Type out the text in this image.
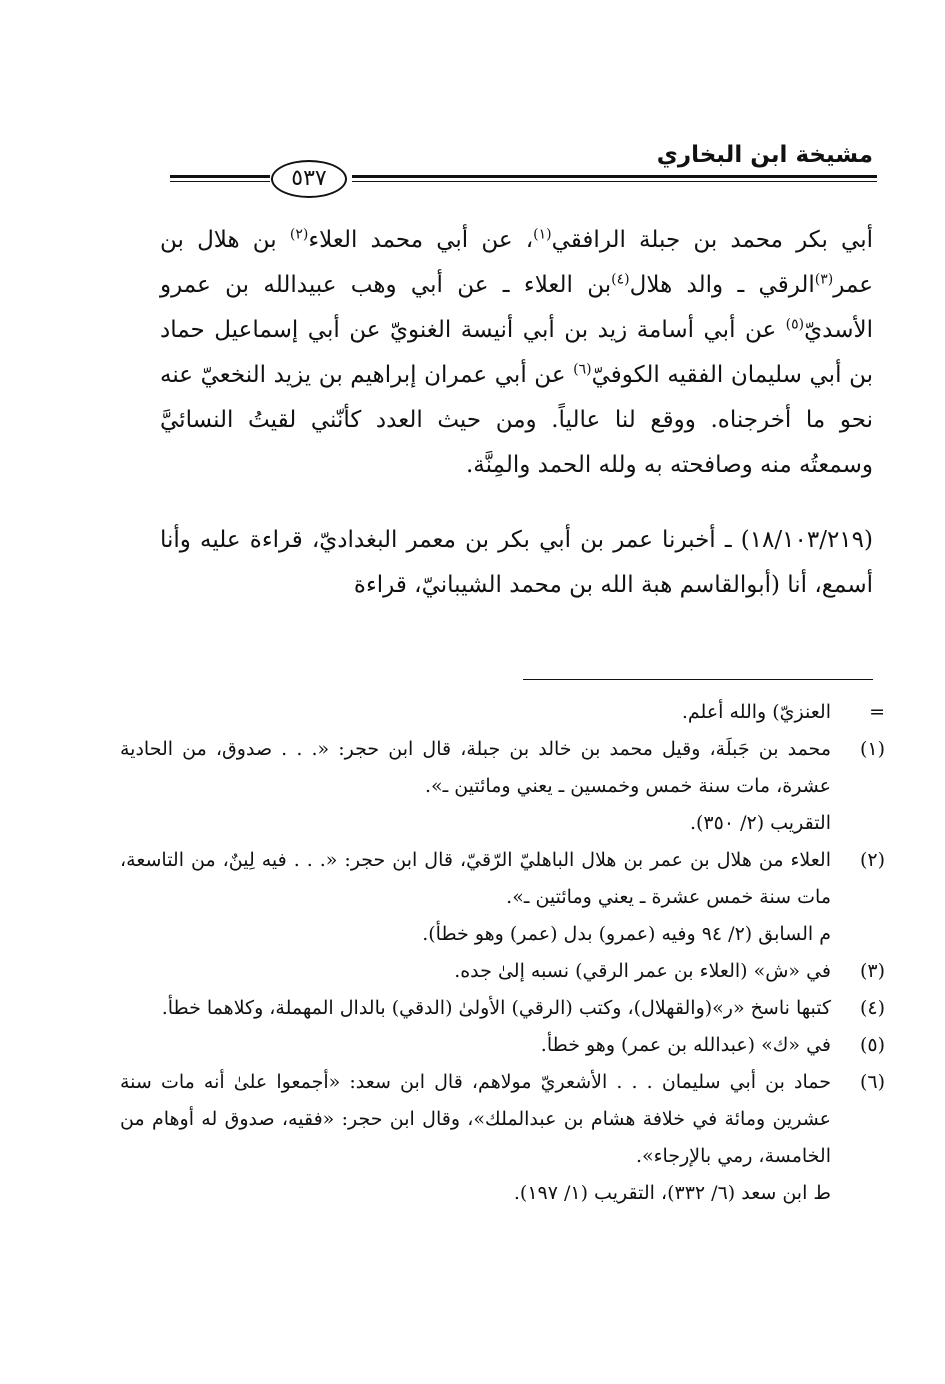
مشيخة ابن البخاري
٥٣٧

أبي بكر محمد بن جبلة الرافقي$^{(١)}$، عن أبي محمد العلاء$^{(٢)}$ بن هلال بن عمر$^{(٣)}$الرقي ـ والد هلال$^{(٤)}$بن العلاء ـ عن أبي وهب عبيدالله بن عمرو الأسديّ$^{(٥)}$ عن أبي أسامة زيد بن أبي أنيسة الغنويّ عن أبي إسماعيل حماد بن أبي سليمان الفقيه الكوفيّ$^{(٦)}$ عن أبي عمران إبراهيم بن يزيد النخعيّ عنه نحو ما أخرجناه. ووقع لنا عالياً. ومن حيث العدد كأنّني لقيتُ النسائيَّ وسمعتُه منه وصافحته به ولله الحمد والمِنَّة.

(١٨/١٠٣/٢١٩) ـ أخبرنا عمر بن أبي بكر بن معمر البغداديّ، قراءة عليه وأنا أسمع، أنا (أبوالقاسم هبة الله بن محمد الشيبانيّ، قراءة

=
العنزيّ) والله أعلم.
(١)
محمد بن جَبلَة، وقيل محمد بن خالد بن جبلة، قال ابن حجر: «. . . صدوق، من الحادية عشرة، مات سنة خمس وخمسين ـ يعني ومائتين ـ».
التقريب (٢/ ٣٥٠).
(٢)
العلاء من هلال بن عمر بن هلال الباهليّ الرّقيّ، قال ابن حجر: «. . . فيه لِينٌ، من التاسعة، مات سنة خمس عشرة ـ يعني ومائتين ـ».
م السابق (٢/ ٩٤ وفيه (عمرو) بدل (عمر) وهو خطأ).
(٣)
في «ش» (العلاء بن عمر الرقي) نسبه إلىٰ جده.
(٤)
كتبها ناسخ «ر»(والقهلال)، وكتب (الرقي) الأولىٰ (الدقي) بالدال المهملة، وكلاهما خطأ.
(٥)
في «ك» (عبدالله بن عمر) وهو خطأ.
(٦)
حماد بن أبي سليمان . . . الأشعريّ مولاهم، قال ابن سعد: «أجمعوا علىٰ أنه مات سنة عشرين ومائة في خلافة هشام بن عبدالملك»، وقال ابن حجر: «فقيه، صدوق له أوهام من الخامسة، رمي بالإرجاء».
ط ابن سعد (٦/ ٣٣٢)، التقريب (١/ ١٩٧).
